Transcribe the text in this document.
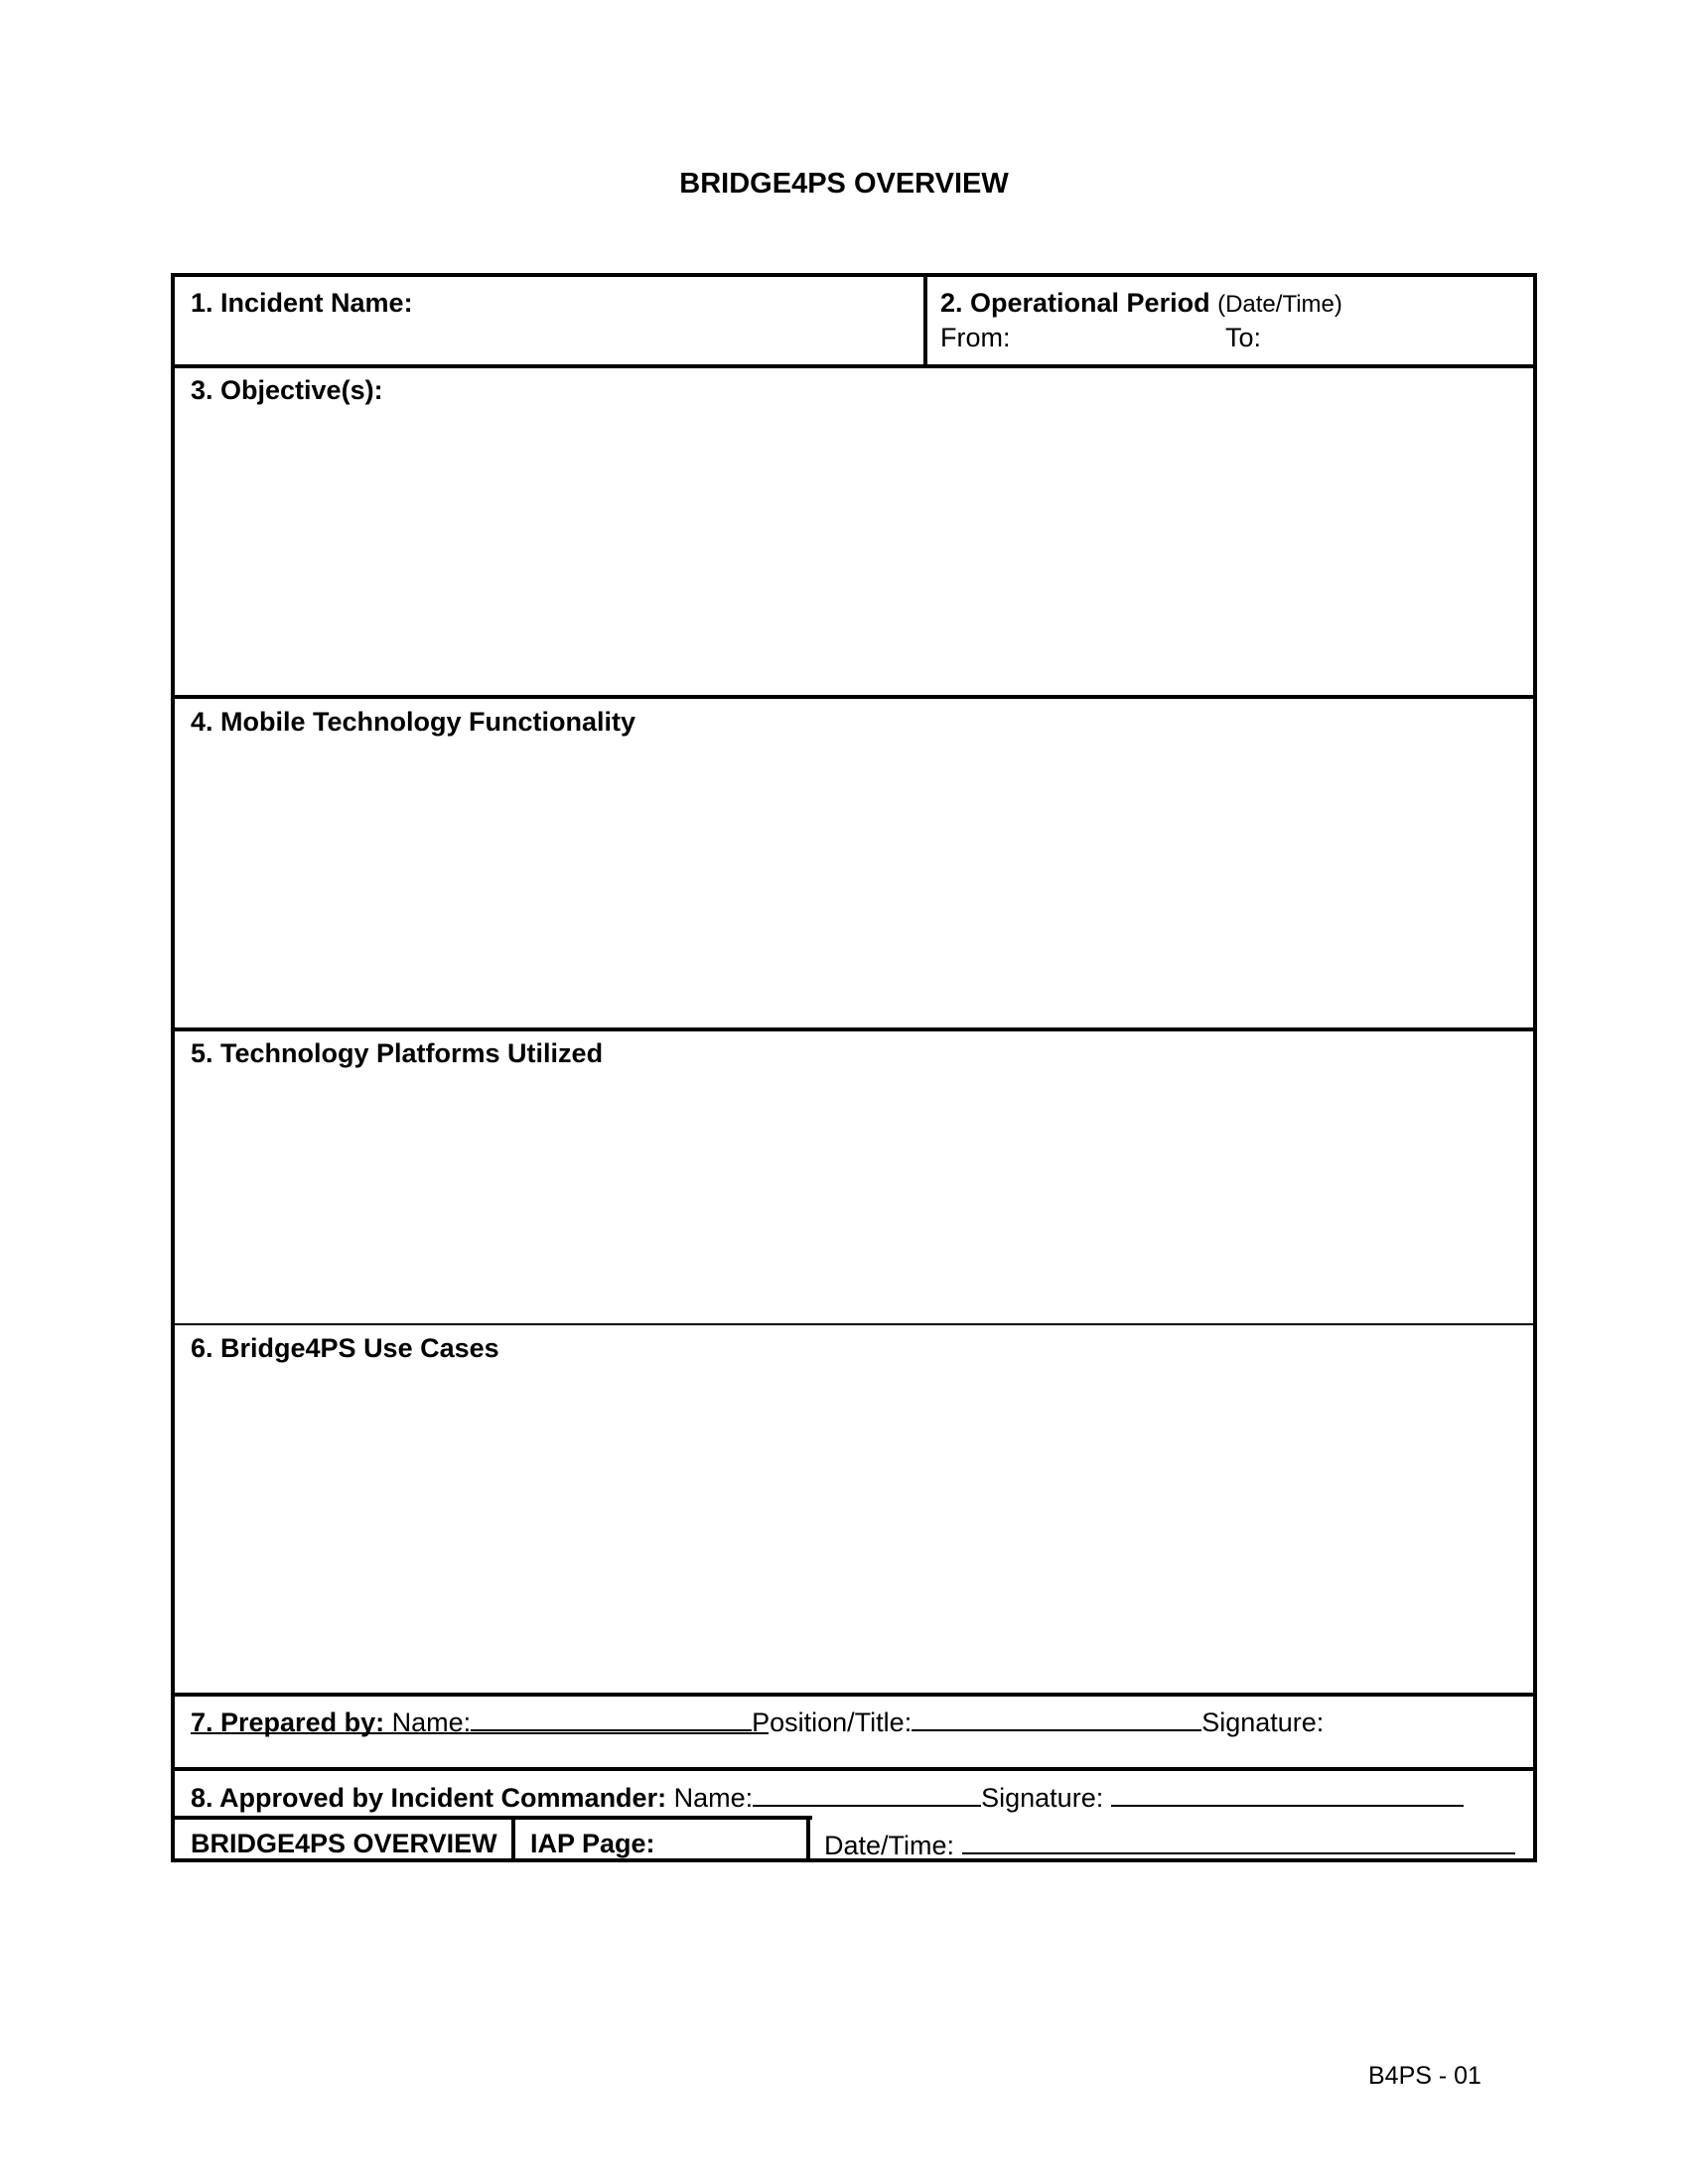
BRIDGE4PS OVERVIEW
1. Incident Name:	2. Operational Period (Date/Time)
From:	To:
3. Objective(s):
4. Mobile Technology Functionality
5. Technology Platforms Utilized
6. Bridge4PS Use Cases
7. Prepared by: Name:	Position/Title:	Signature:
8. Approved by Incident Commander: Name:	Signature:
BRIDGE4PS OVERVIEW IAP Page:	Date/Time:
B4PS - 01
